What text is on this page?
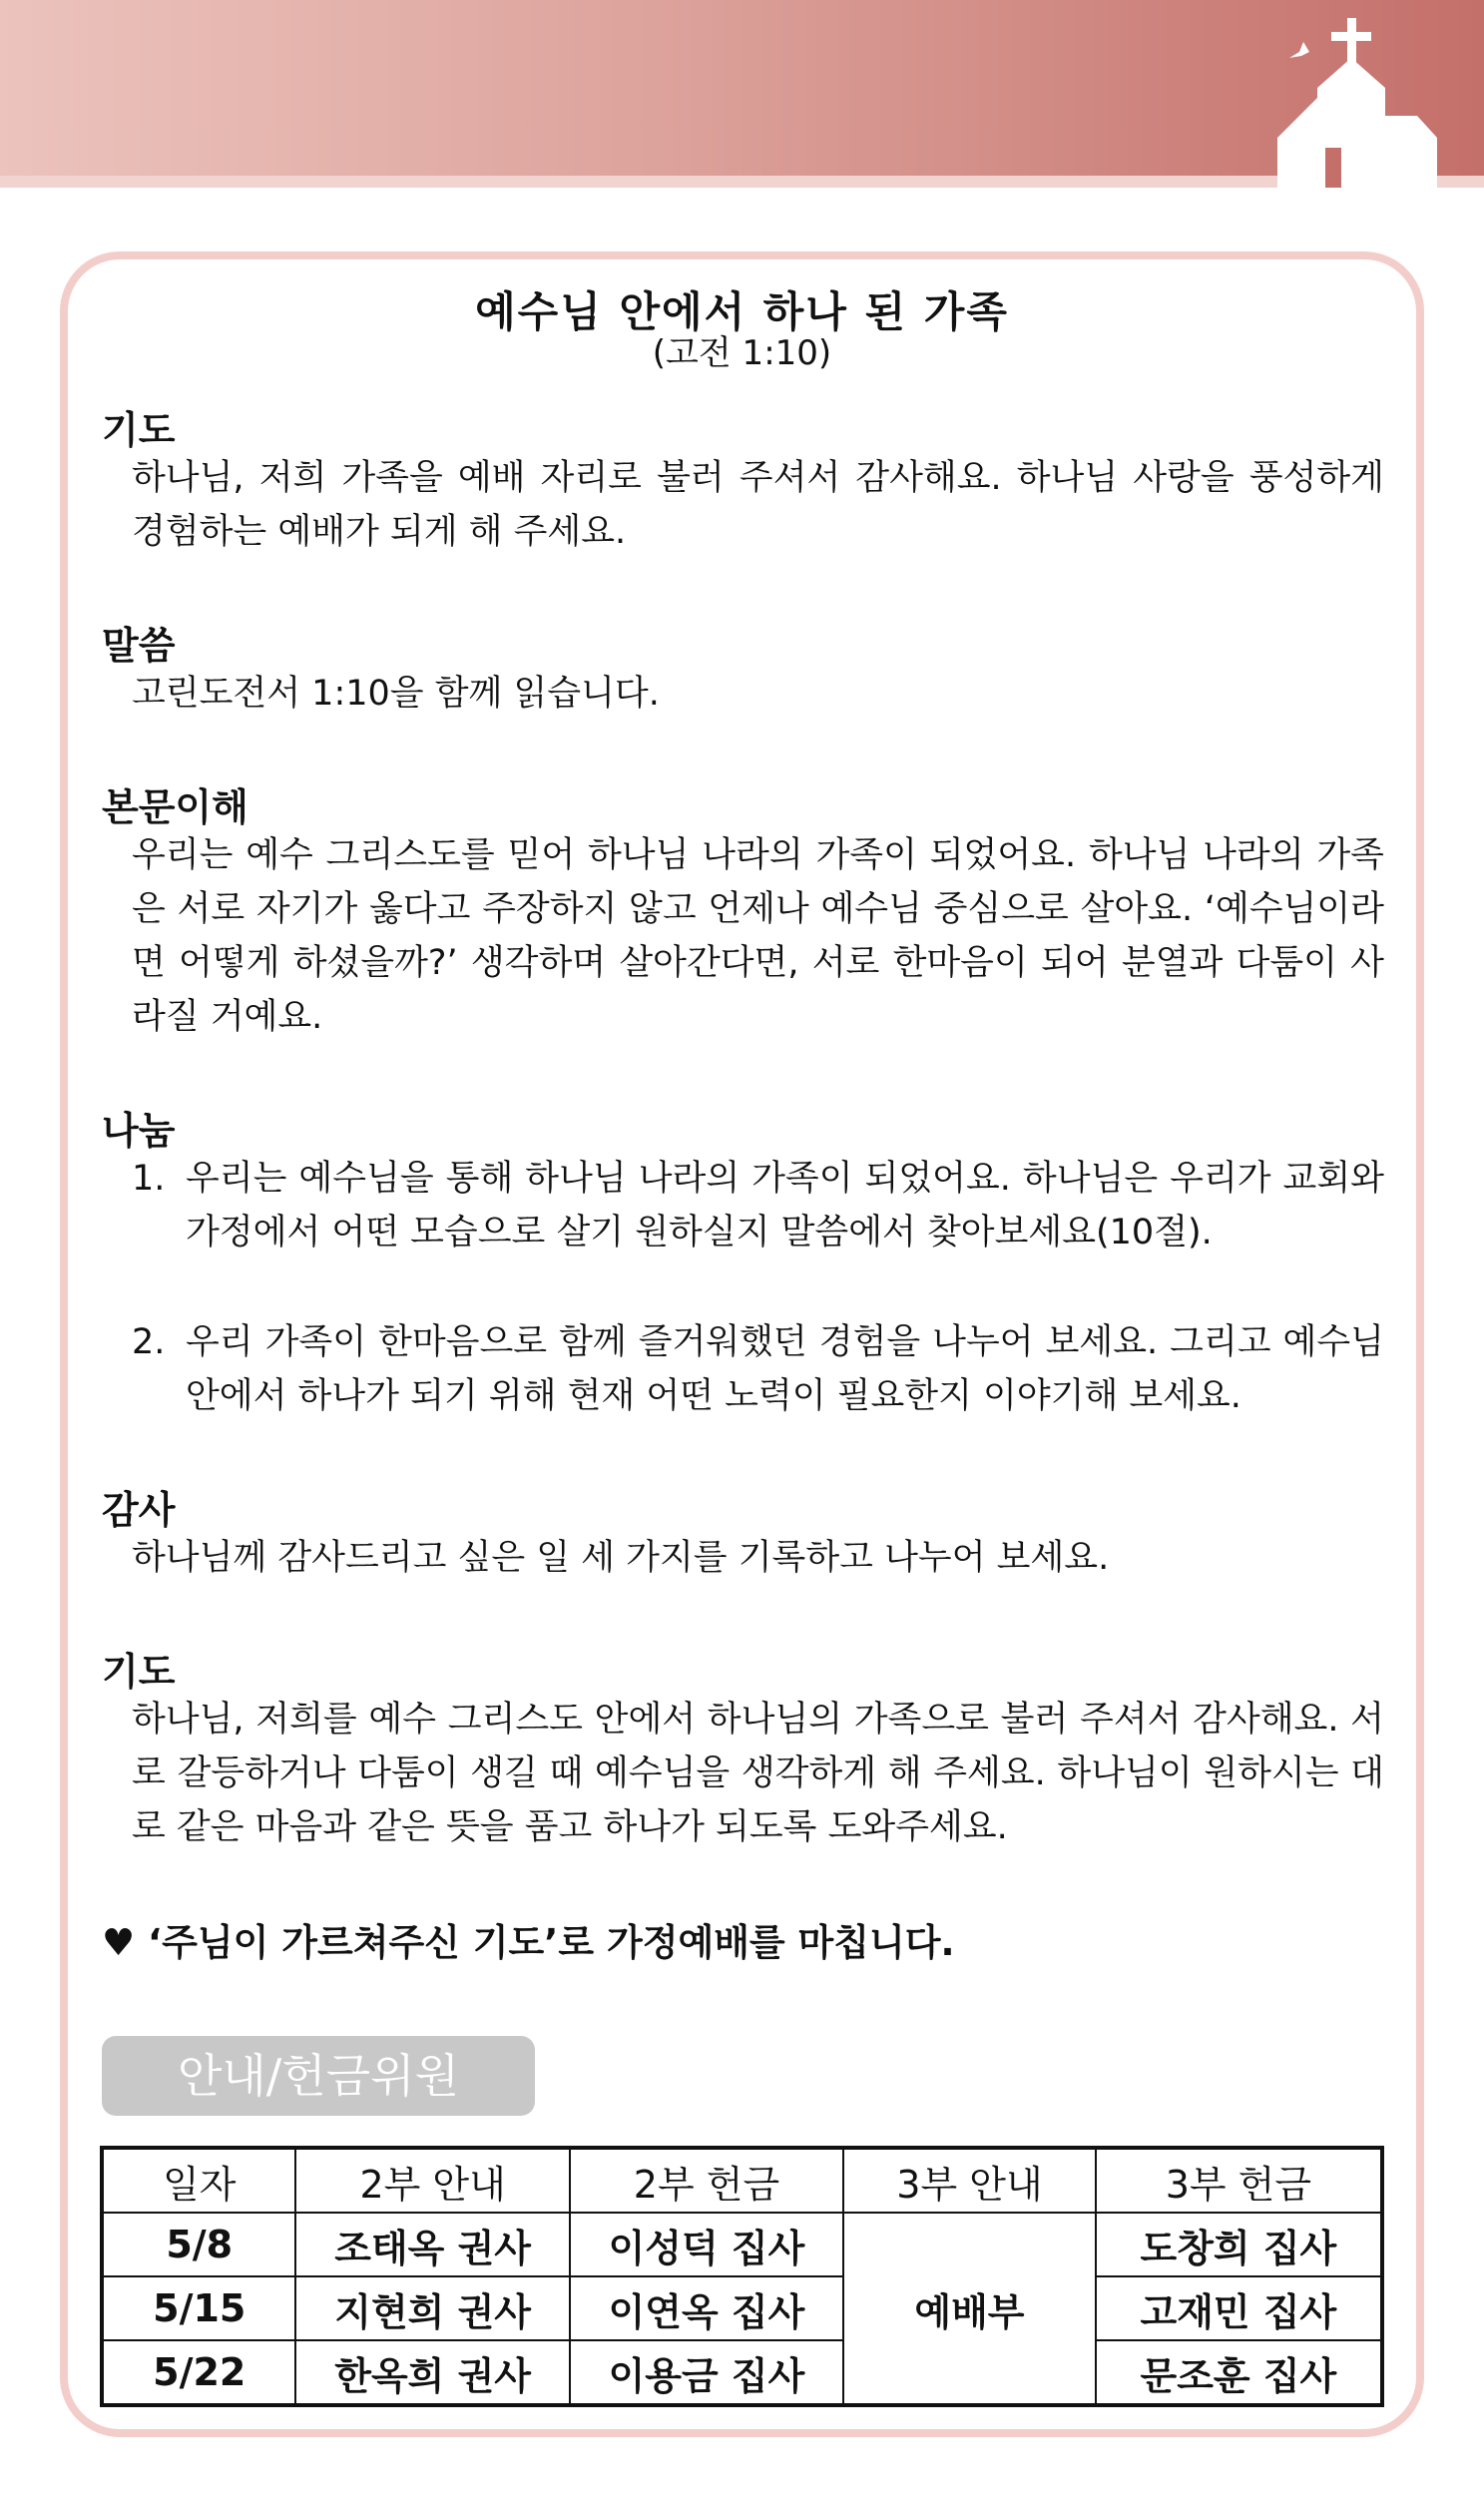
예수님 안에서 하나 된 가족
(고전 1:10)
기도
하나님, 저희 가족을 예배 자리로 불러 주셔서 감사해요. 하나님 사랑을 풍성하게 경험하는 예배가 되게 해 주세요.
말씀
고린도전서 1:10을 함께 읽습니다.
본문이해
우리는 예수 그리스도를 믿어 하나님 나라의 가족이 되었어요. 하나님 나라의 가족은 서로 자기가 옳다고 주장하지 않고 언제나 예수님 중심으로 살아요. ‘예수님이라면 어떻게 하셨을까?’ 생각하며 살아간다면, 서로 한마음이 되어 분열과 다툼이 사라질 거예요.
나눔
1. 우리는 예수님을 통해 하나님 나라의 가족이 되었어요. 하나님은 우리가 교회와 가정에서 어떤 모습으로 살기 원하실지 말씀에서 찾아보세요(10절).
2. 우리 가족이 한마음으로 함께 즐거워했던 경험을 나누어 보세요. 그리고 예수님 안에서 하나가 되기 위해 현재 어떤 노력이 필요한지 이야기해 보세요.
감사
하나님께 감사드리고 싶은 일 세 가지를 기록하고 나누어 보세요.
기도
하나님, 저희를 예수 그리스도 안에서 하나님의 가족으로 불러 주셔서 감사해요. 서로 갈등하거나 다툼이 생길 때 예수님을 생각하게 해 주세요. 하나님이 원하시는 대로 같은 마음과 같은 뜻을 품고 하나가 되도록 도와주세요.
♥ ‘주님이 가르쳐주신 기도’로 가정예배를 마칩니다.
안내/헌금위원
일자	2부 안내	2부 헌금	3부 안내	3부 헌금
5/8	조태옥 권사	이성덕 집사	예배부	도창희 집사
5/15	지현희 권사	이연옥 집사		고재민 집사
5/22	한옥희 권사	이용금 집사		문조훈 집사
